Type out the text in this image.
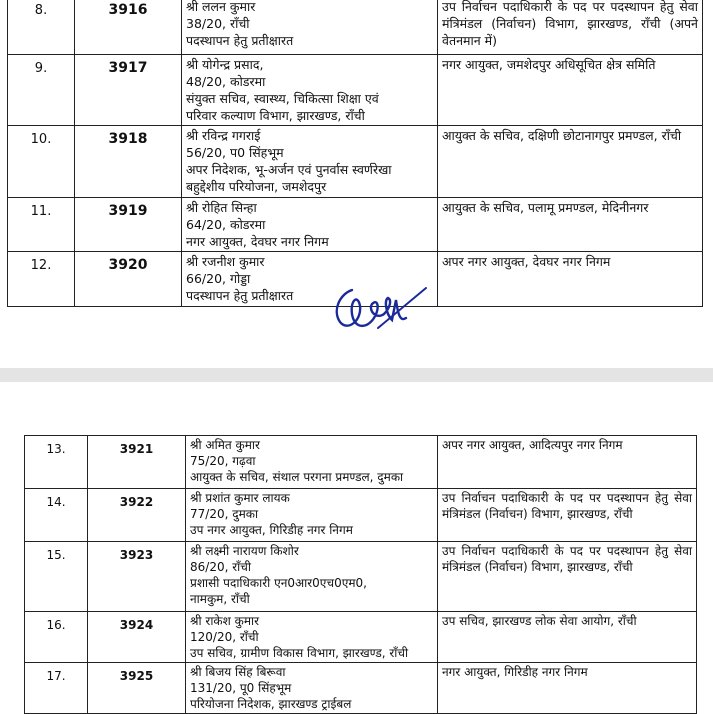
8.	3916	श्री ललन कुमार
38/20, राँची
पदस्थापन हेतु प्रतीक्षारत	उप निर्वाचन पदाधिकारी के पद पर पदस्थापन हेतु सेवा मंत्रिमंडल (निर्वाचन) विभाग, झारखण्ड, राँची (अपने वेतनमान में)
9.	3917	श्री योगेन्द्र प्रसाद,
48/20, कोडरमा
संयुक्त सचिव, स्वास्थ्य, चिकित्सा शिक्षा एवं
परिवार कल्याण विभाग, झारखण्ड, राँची	नगर आयुक्त, जमशेदपुर अधिसूचित क्षेत्र समिति
10.	3918	श्री रविन्द्र गगराई
56/20, प0 सिंहभूम
अपर निदेशक, भू-अर्जन एवं पुनर्वास स्वर्णरेखा
बहुद्देशीय परियोजना, जमशेदपुर	आयुक्त के सचिव, दक्षिणी छोटानागपुर प्रमण्डल, राँची
11.	3919	श्री रोहित सिन्हा
64/20, कोडरमा
नगर आयुक्त, देवघर नगर निगम	आयुक्त के सचिव, पलामू प्रमण्डल, मेदिनीनगर
12.	3920	श्री रजनीश कुमार
66/20, गोड्डा
पदस्थापन हेतु प्रतीक्षारत	अपर नगर आयुक्त, देवघर नगर निगम
13.	3921	श्री अमित कुमार
75/20, गढ़वा
आयुक्त के सचिव, संथाल परगना प्रमण्डल, दुमका	अपर नगर आयुक्त, आदित्यपुर नगर निगम
14.	3922	श्री प्रशांत कुमार लायक
77/20, दुमका
उप नगर आयुक्त, गिरिडीह नगर निगम	उप निर्वाचन पदाधिकारी के पद पर पदस्थापन हेतु सेवा मंत्रिमंडल (निर्वाचन) विभाग, झारखण्ड, राँची
15.	3923	श्री लक्ष्मी नारायण किशोर
86/20, राँची
प्रशासी पदाधिकारी एन0आर0एच0एम0,
नामकुम, राँची	उप निर्वाचन पदाधिकारी के पद पर पदस्थापन हेतु सेवा मंत्रिमंडल (निर्वाचन) विभाग, झारखण्ड, राँची
16.	3924	श्री राकेश कुमार
120/20, राँची
उप सचिव, ग्रामीण विकास विभाग, झारखण्ड, राँची	उप सचिव, झारखण्ड लोक सेवा आयोग, राँची
17.	3925	श्री बिजय सिंह बिरूवा
131/20, पू0 सिंहभूम
परियोजना निदेशक, झारखण्ड ट्राईबल	नगर आयुक्त, गिरिडीह नगर निगम
